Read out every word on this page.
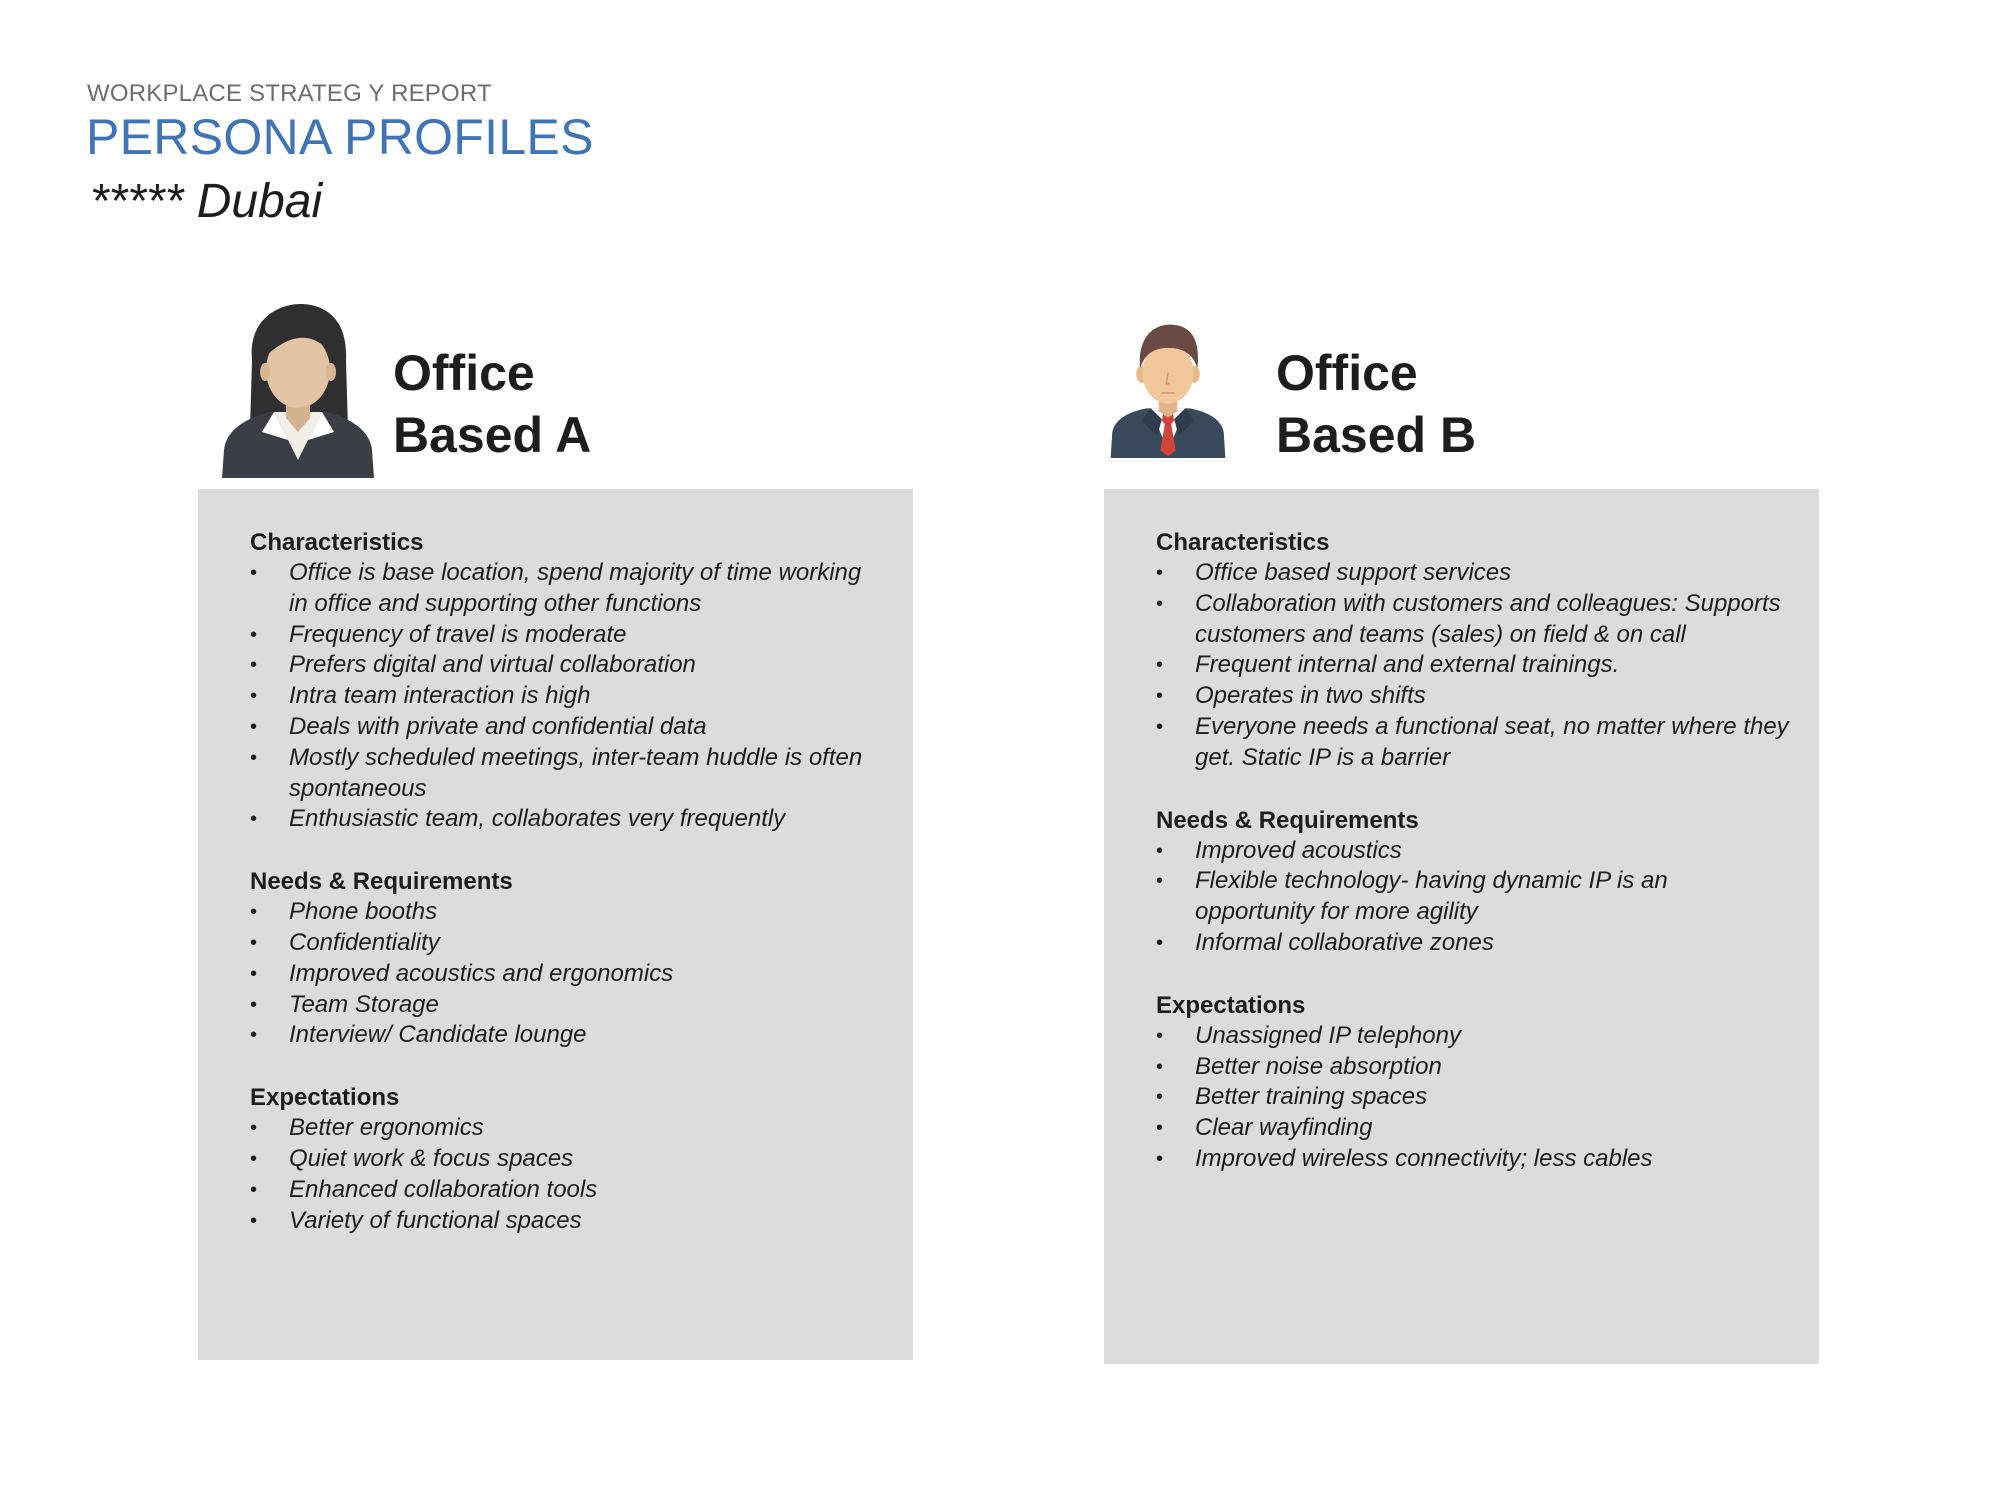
WORKPLACE STRATEG Y REPORT
PERSONA PROFILES
***** Dubai
Office
Based A
Office
Based B
Characteristics
• Office is base location, spend majority of time working in office and supporting other functions
• Frequency of travel is moderate
• Prefers digital and virtual collaboration
• Intra team interaction is high
• Deals with private and confidential data
• Mostly scheduled meetings, inter-team huddle is often spontaneous
• Enthusiastic team, collaborates very frequently
Needs & Requirements
• Phone booths
• Confidentiality
• Improved acoustics and ergonomics
• Team Storage
• Interview/ Candidate lounge
Expectations
• Better ergonomics
• Quiet work & focus spaces
• Enhanced collaboration tools
• Variety of functional spaces
Characteristics
• Office based support services
• Collaboration with customers and colleagues: Supports customers and teams (sales) on field & on call
• Frequent internal and external trainings.
• Operates in two shifts
• Everyone needs a functional seat, no matter where they get. Static IP is a barrier
Needs & Requirements
• Improved acoustics
• Flexible technology- having dynamic IP is an opportunity for more agility
• Informal collaborative zones
Expectations
• Unassigned IP telephony
• Better noise absorption
• Better training spaces
• Clear wayfinding
• Improved wireless connectivity; less cables
